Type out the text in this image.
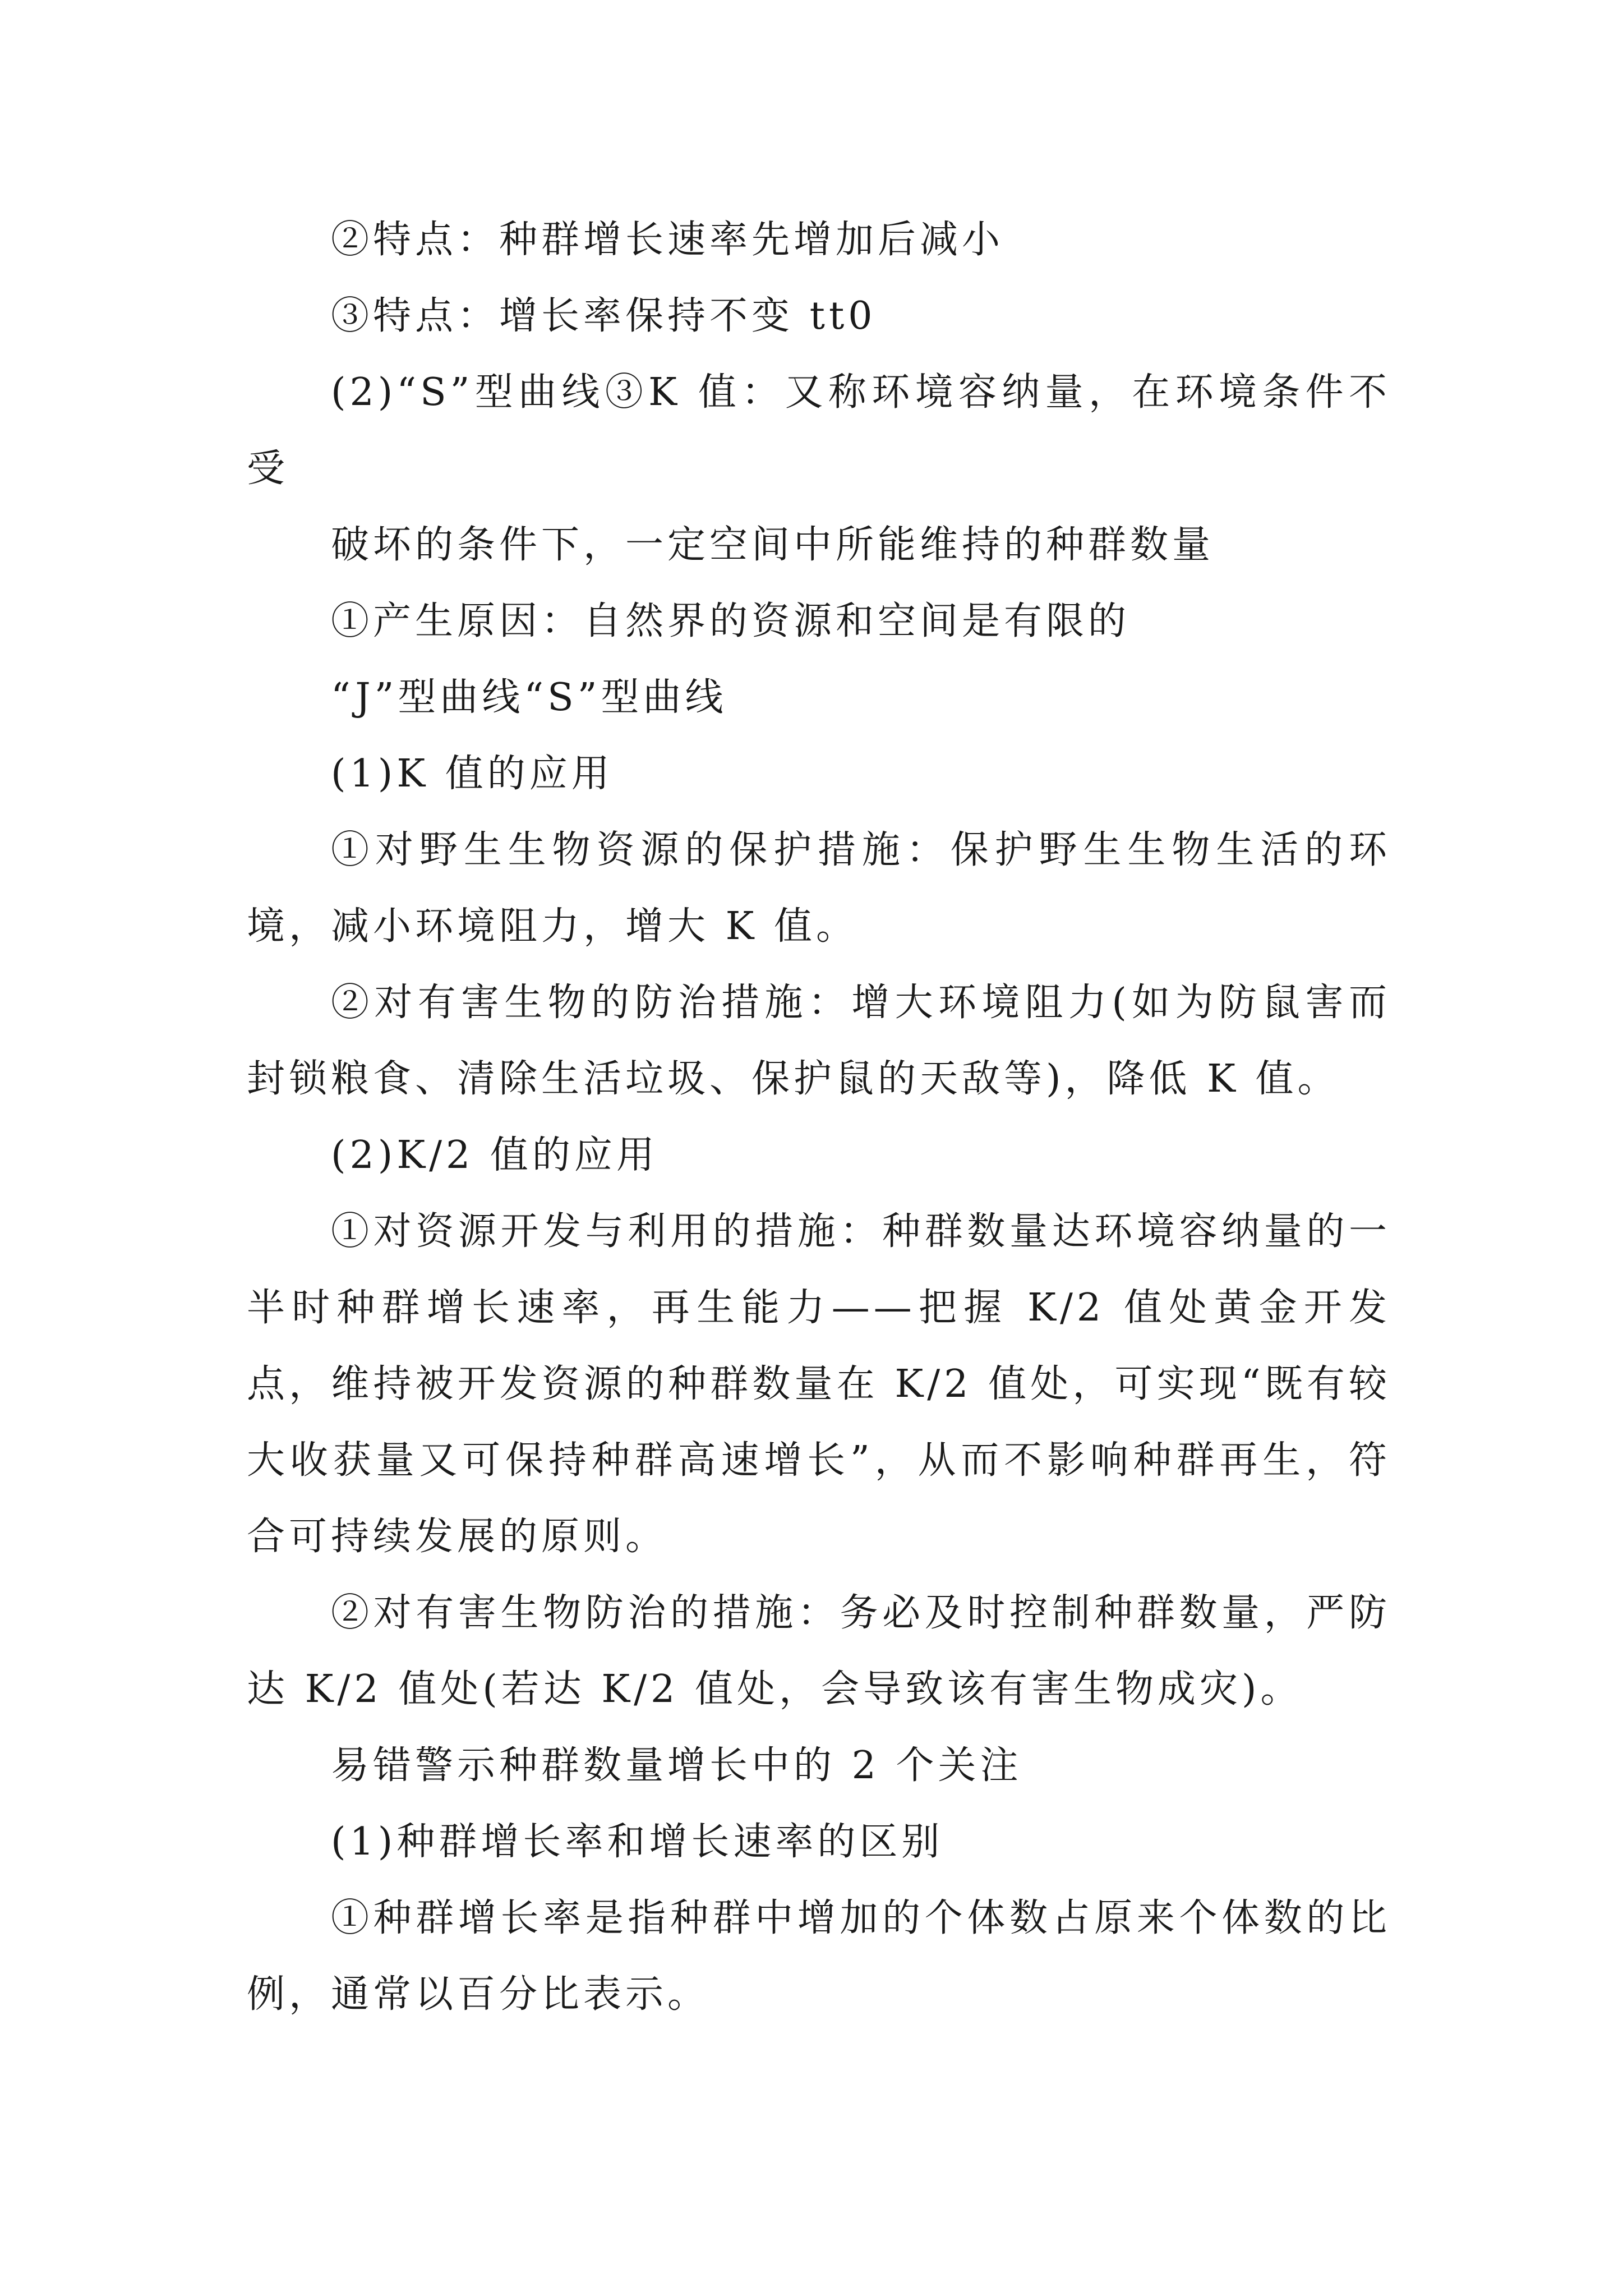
②特点：种群增长速率先增加后减小

③特点：增长率保持不变 tt0

(2)“S”型曲线③K 值：又称环境容纳量，在环境条件不受

破坏的条件下，一定空间中所能维持的种群数量

①产生原因：自然界的资源和空间是有限的

“J”型曲线“S”型曲线

(1)K 值的应用

①对野生生物资源的保护措施：保护野生生物生活的环境，减小环境阻力，增大 K 值。

②对有害生物的防治措施：增大环境阻力(如为防鼠害而封锁粮食、清除生活垃圾、保护鼠的天敌等)，降低 K 值。

(2)K/2 值的应用

①对资源开发与利用的措施：种群数量达环境容纳量的一半时种群增长速率，再生能力——把握 K/2 值处黄金开发点，维持被开发资源的种群数量在 K/2 值处，可实现“既有较大收获量又可保持种群高速增长”，从而不影响种群再生，符合可持续发展的原则。

②对有害生物防治的措施：务必及时控制种群数量，严防达 K/2 值处(若达 K/2 值处，会导致该有害生物成灾)。

易错警示种群数量增长中的 2 个关注

(1)种群增长率和增长速率的区别

①种群增长率是指种群中增加的个体数占原来个体数的比例，通常以百分比表示。
